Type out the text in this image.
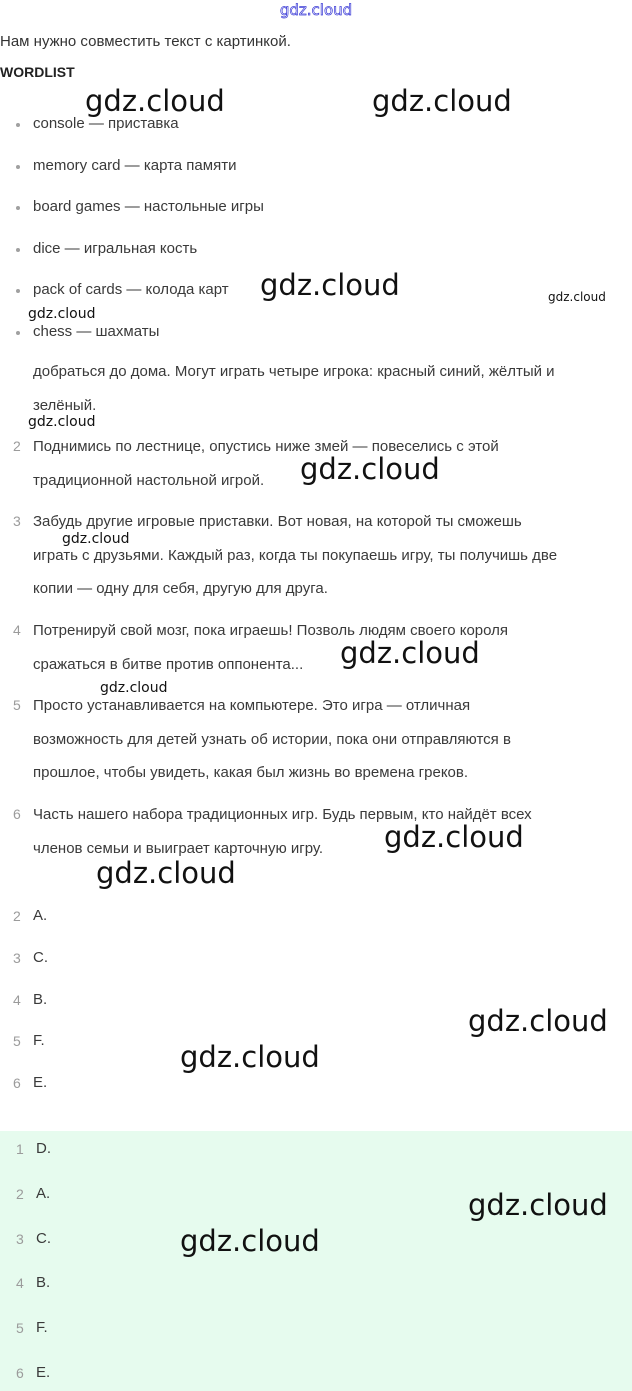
gdz.cloud
Нам нужно совместить текст с картинкой.
WORDLIST
console — приставка
memory card — карта памяти
board games — настольные игры
dice — игральная кость
pack of cards — колода карт
chess — шахматы
добраться до дома. Могут играть четыре игрока: красный синий, жёлтый и
зелёный.
2 Поднимись по лестнице, опустись ниже змей — повеселись с этой
традиционной настольной игрой.
3 Забудь другие игровые приставки. Вот новая, на которой ты сможешь
играть с друзьями. Каждый раз, когда ты покупаешь игру, ты получишь две
копии — одну для себя, другую для друга.
4 Потренируй свой мозг, пока играешь! Позволь людям своего короля
сражаться в битве против оппонента...
5 Просто устанавливается на компьютере. Это игра — отличная
возможность для детей узнать об истории, пока они отправляются в
прошлое, чтобы увидеть, какая был жизнь во времена греков.
6 Часть нашего набора традиционных игр. Будь первым, кто найдёт всех
членов семьи и выиграет карточную игру.
2 A.
3 C.
4 B.
5 F.
6 E.
1 D.
2 A.
3 C.
4 B.
5 F.
6 E.
gdz.cloud	gdz.cloud
gdz.cloud	gdz.cloud
gdz.cloud
gdz.cloud
gdz.cloud
gdz.cloud
gdz.cloud
gdz.cloud
gdz.cloud
gdz.cloud
gdz.cloud
gdz.cloud
gdz.cloud
gdz.cloud
